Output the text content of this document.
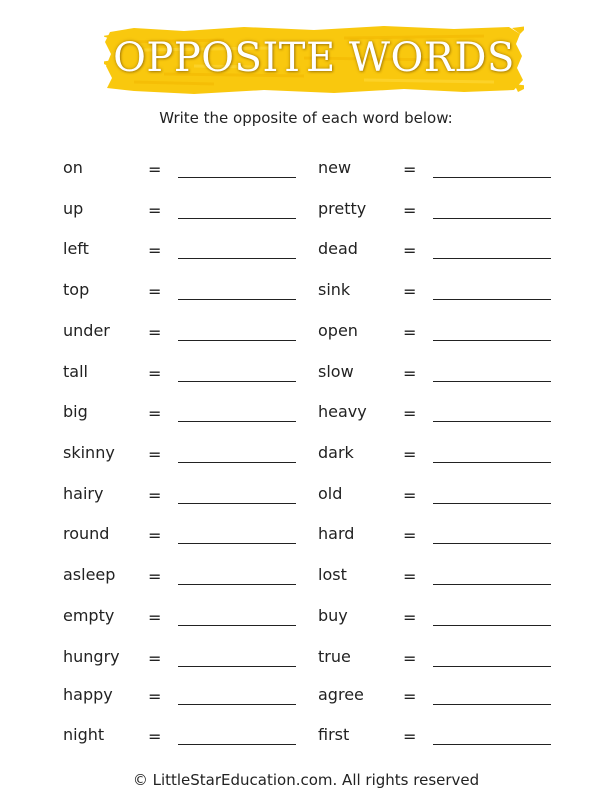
OPPOSITE WORDS
Write the opposite of each word below:
on	=
up	=
left	=
top	=
under =
tall	=
big	=
skinny =
hairy	=
round =
asleep =
empty =
hungry =
happy =
night	=
new	=
pretty =
dead	=
sink	=
open	=
slow	=
heavy =
dark	=
old	=
hard	=
lost	=
buy	=
true	=
agree =
first	=
© LittleStarEducation.com. All rights reserved
